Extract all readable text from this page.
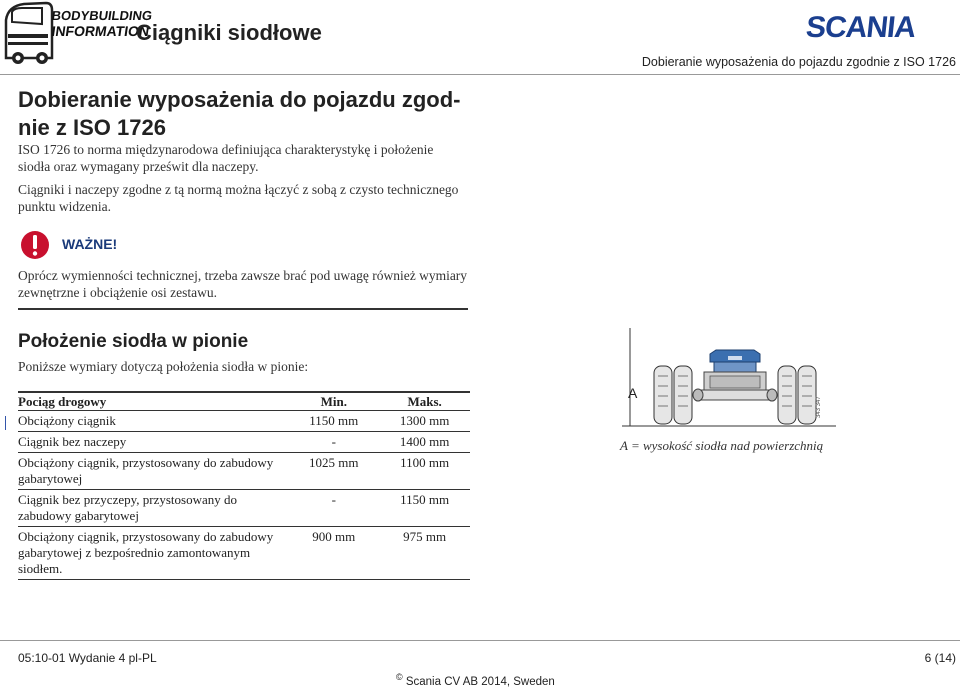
BODYBUILDING
INFORMATION
Ciągniki siodłowe	SCANIA
Dobieranie wyposażenia do pojazdu zgodnie z ISO 1726
Dobieranie wyposażenia do pojazdu zgod-nie z ISO 1726
ISO 1726 to norma międzynarodowa definiująca charakterystykę i położenie siodła oraz wymagany prześwit dla naczepy.
Ciągniki i naczepy zgodne z tą normą można łączyć z sobą z czysto technicznego punktu widzenia.
WAŻNE!
Oprócz wymienności technicznej, trzeba zawsze brać pod uwagę również wymiary zewnętrzne i obciążenie osi zestawu.
Położenie siodła w pionie
Poniższe wymiary dotyczą położenia siodła w pionie:
Pociąg drogowy	Min.	Maks.
Obciążony ciągnik	1150 mm	1300 mm
Ciągnik bez naczepy	-	1400 mm
Obciążony ciągnik, przystosowany do zabudowy gabarytowej	1025 mm	1100 mm
Ciągnik bez przyczepy, przystosowany do zabudowy gabarytowej	-	1150 mm
Obciążony ciągnik, przystosowany do zabudowy gabarytowej z bezpośrednio zamontowanym siodłem.	900 mm	975 mm
343 347
A
A = wysokość siodła nad powierzchnią
05:10-01 Wydanie 4 pl-PL	6 (14)
© Scania CV AB 2014, Sweden
